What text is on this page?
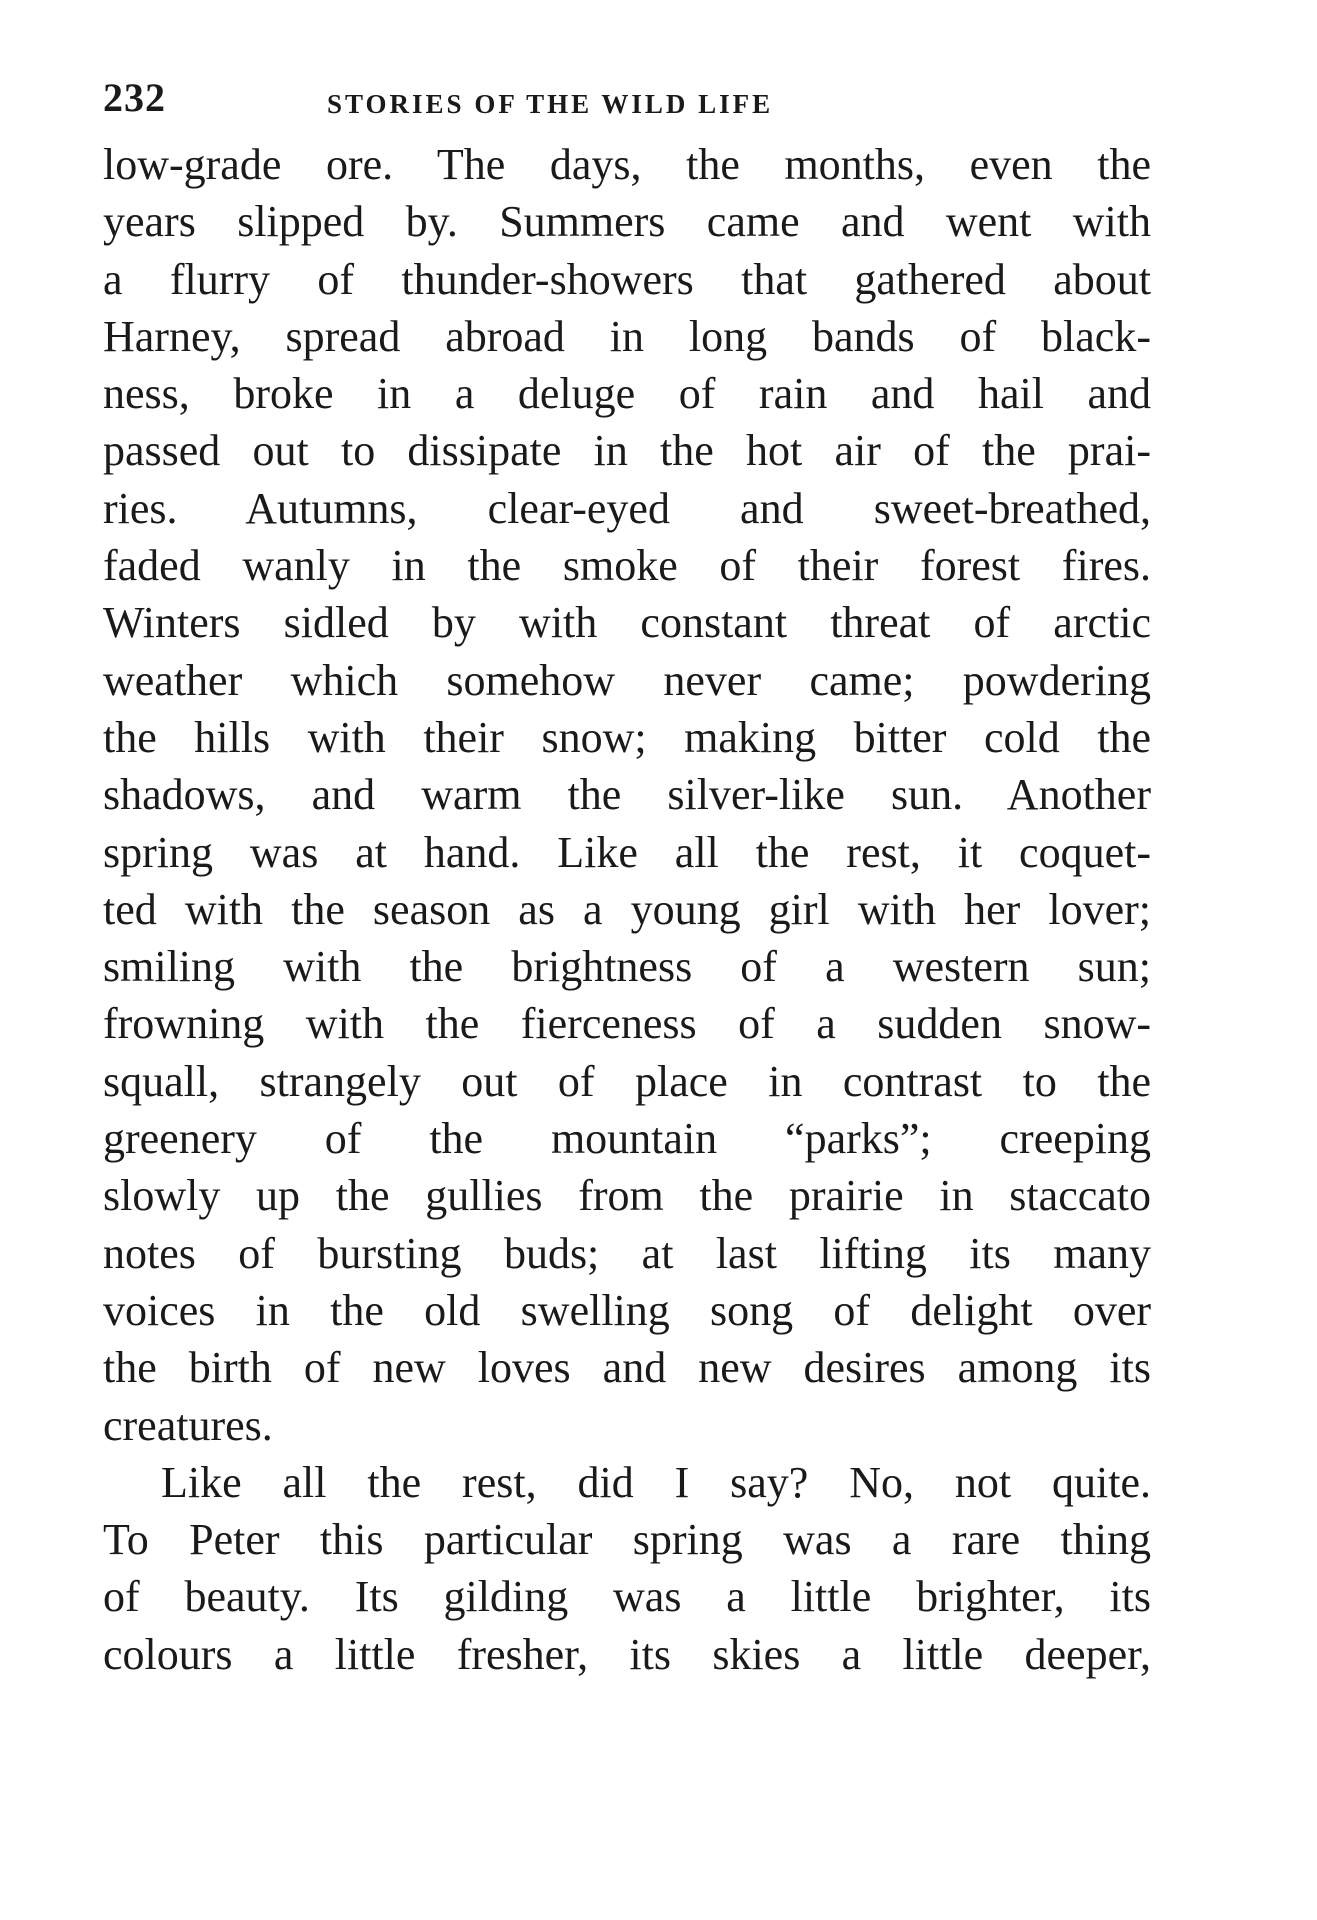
232	STORIES OF THE WILD LIFE
low-grade ore. The days, the months, even the
years slipped by. Summers came and went with
a flurry of thunder-showers that gathered about
Harney, spread abroad in long bands of black-
ness, broke in a deluge of rain and hail and
passed out to dissipate in the hot air of the prai-
ries. Autumns, clear-eyed and sweet-breathed,
faded wanly in the smoke of their forest fires.
Winters sidled by with constant threat of arctic
weather which somehow never came; powdering
the hills with their snow; making bitter cold the
shadows, and warm the silver-like sun. Another
spring was at hand. Like all the rest, it coquet-
ted with the season as a young girl with her lover;
smiling with the brightness of a western sun;
frowning with the fierceness of a sudden snow-
squall, strangely out of place in contrast to the
greenery of the mountain “parks”; creeping
slowly up the gullies from the prairie in staccato
notes of bursting buds; at last lifting its many
voices in the old swelling song of delight over
the birth of new loves and new desires among its
creatures.
Like all the rest, did I say? No, not quite.
To Peter this particular spring was a rare thing
of beauty. Its gilding was a little brighter, its
colours a little fresher, its skies a little deeper,
